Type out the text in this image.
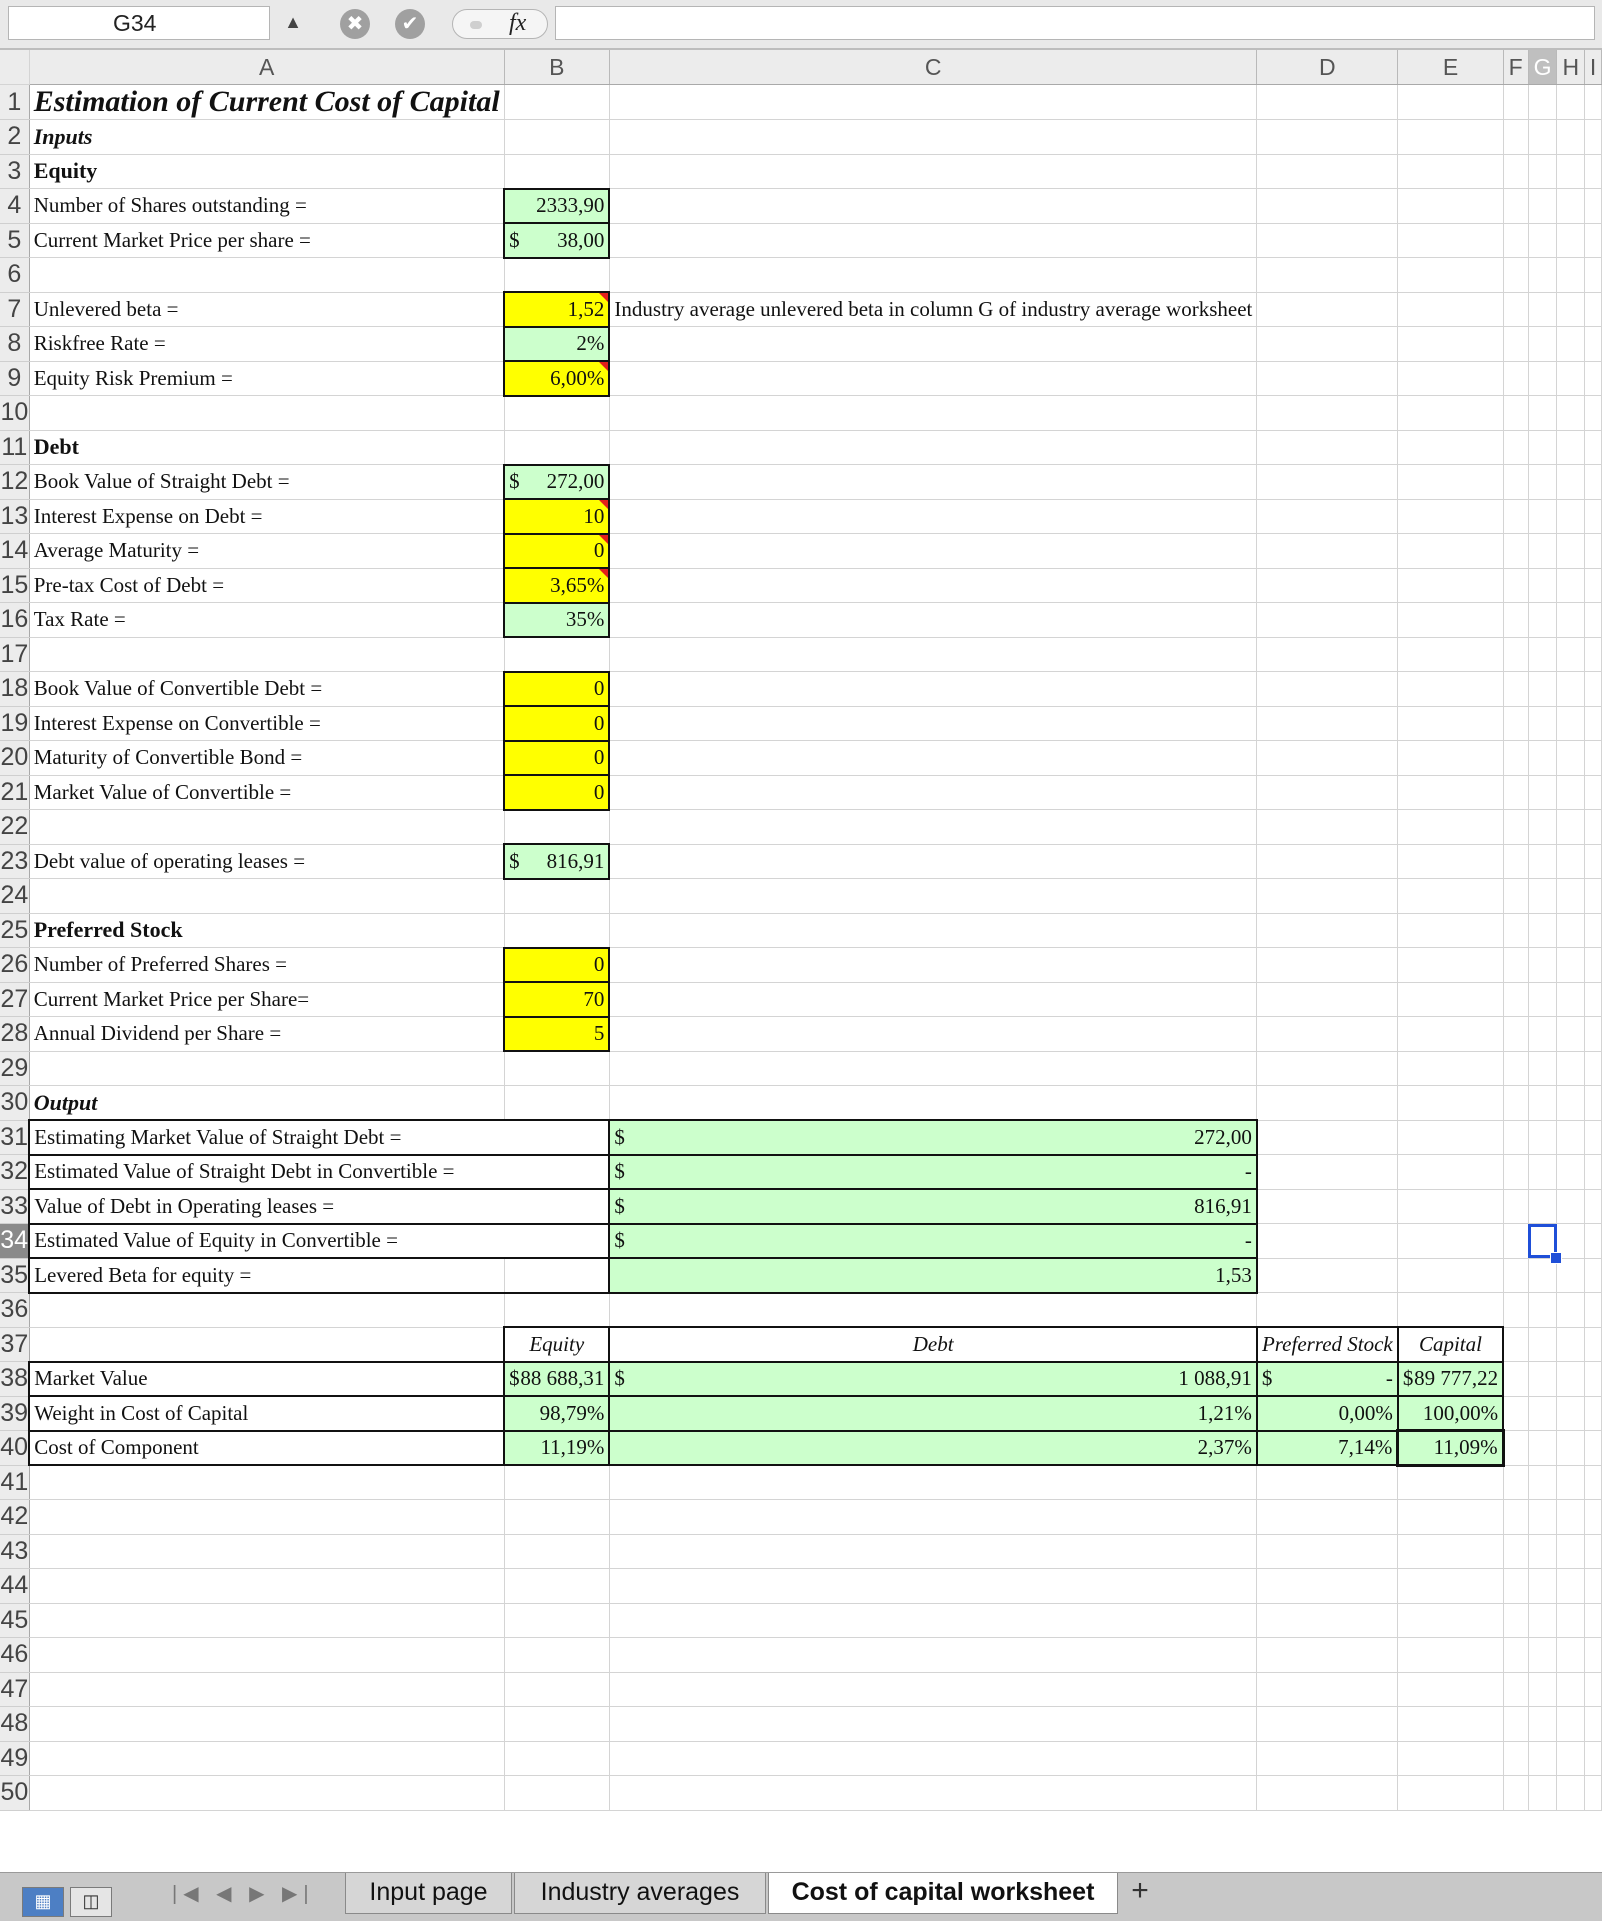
G34	▲	✖	✔	fx
	A	B	C	D	E	F	G	H	I
1	Estimation of Current Cost of Capital								
2	Inputs								
3	Equity								
4	Number of Shares outstanding =	2333,90							
5	Current Market Price per share =	$ 38,00							

6									
7	Unlevered beta =	1,52	Industry average unlevered beta in column G of industry average worksheet						
8	Riskfree Rate =	2%							
9	Equity Risk Premium =	6,00%							
10									
11	Debt								
12	Book Value of Straight Debt =	$ 272,00							

13	Interest Expense on Debt =	10							
14	Average Maturity =	0							
15	Pre-tax Cost of Debt =	3,65%							
16	Tax Rate =	35%							
17									
18	Book Value of Convertible Debt =	0							
19	Interest Expense on Convertible =	0							
20	Maturity of Convertible Bond =	0							
21	Market Value of Convertible =	0							
22									
23	Debt value of operating leases =	$ 816,91							

24									
25	Preferred Stock								
26	Number of Preferred Shares =	0							
27	Current Market Price per Share=	70							
28	Annual Dividend per Share =	5							
29									
30	Output								
31	Estimating Market Value of Straight Debt =		$ 272,00						

32	Estimated Value of Straight Debt in Convertible =		$ -						

33	Value of Debt in Operating leases =		$ 816,91						

34	Estimated Value of Equity in Convertible =		$ -						

35	Levered Beta for equity =		1,53						
36									
37		Equity	Debt	Preferred Stock	Capital				
38	Market Value	$ 88 688,31	$ 1 088,91	$ -	$ 89 777,22				

39	Weight in Cost of Capital	98,79%	1,21%	0,00%	100,00%				
40	Cost of Component	11,19%	2,37%	7,14%	11,09%				
41									
42									
43									
44									
45									
46									
47									
48									
49									
50									
▦ ◫	|◀ ◀ ▶ ▶|	Input page	Industry averages	Cost of capital worksheet	+
